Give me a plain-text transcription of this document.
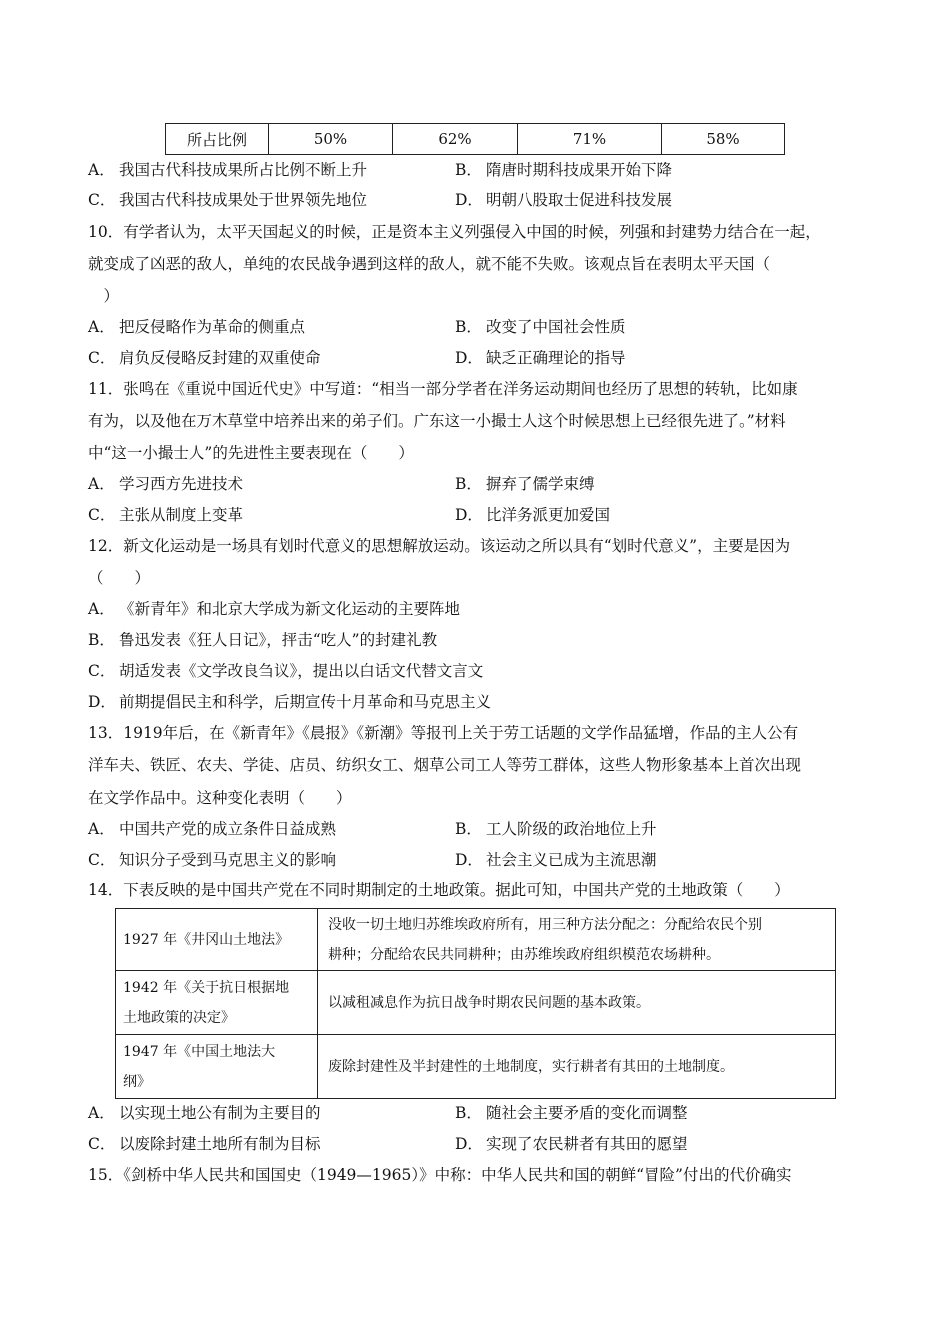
所占比例	50%	62%	71%	58%
A． 我国古代科技成果所占比例不断上升	B． 隋唐时期科技成果开始下降
C． 我国古代科技成果处于世界领先地位	D． 明朝八股取士促进科技发展
10．有学者认为，太平天国起义的时候，正是资本主义列强侵入中国的时候，列强和封建势力结合在一起，
就变成了凶恶的敌人，单纯的农民战争遇到这样的敌人，就不能不失败。该观点旨在表明太平天国（
　）
A． 把反侵略作为革命的侧重点	B． 改变了中国社会性质
C． 肩负反侵略反封建的双重使命	D． 缺乏正确理论的指导
11．张鸣在《重说中国近代史》中写道：“相当一部分学者在洋务运动期间也经历了思想的转轨，比如康
有为，以及他在万木草堂中培养出来的弟子们。广东这一小撮士人这个时候思想上已经很先进了。”材料
中“这一小撮士人”的先进性主要表现在（　　）
A． 学习西方先进技术	B． 摒弃了儒学束缚
C． 主张从制度上变革	D． 比洋务派更加爱国
12．新文化运动是一场具有划时代意义的思想解放运动。该运动之所以具有“划时代意义”，主要是因为
（　　）
A． 《新青年》和北京大学成为新文化运动的主要阵地
B． 鲁迅发表《狂人日记》，抨击“吃人”的封建礼教
C． 胡适发表《文学改良刍议》，提出以白话文代替文言文
D． 前期提倡民主和科学，后期宣传十月革命和马克思主义
13．1919年后，在《新青年》《晨报》《新潮》等报刊上关于劳工话题的文学作品猛增，作品的主人公有
洋车夫、铁匠、农夫、学徒、店员、纺织女工、烟草公司工人等劳工群体，这些人物形象基本上首次出现
在文学作品中。这种变化表明（　　）
A． 中国共产党的成立条件日益成熟	B． 工人阶级的政治地位上升
C． 知识分子受到马克思主义的影响	D． 社会主义已成为主流思潮
14．下表反映的是中国共产党在不同时期制定的土地政策。据此可知，中国共产党的土地政策（　　）
1927 年《井冈山土地法》	没收一切土地归苏维埃政府所有，用三种方法分配之：分配给农民个别
耕种；分配给农民共同耕种；由苏维埃政府组织模范农场耕种。

1942 年《关于抗日根据地
土地政策的决定》	以减租减息作为抗日战争时期农民问题的基本政策。

1947 年《中国土地法大
纲》	废除封建性及半封建性的土地制度，实行耕者有其田的土地制度。
A． 以实现土地公有制为主要目的	B． 随社会主要矛盾的变化而调整
C． 以废除封建土地所有制为目标	D． 实现了农民耕者有其田的愿望
15．《剑桥中华人民共和国国史（1949—1965）》中称：中华人民共和国的朝鲜“冒险”付出的代价确实
